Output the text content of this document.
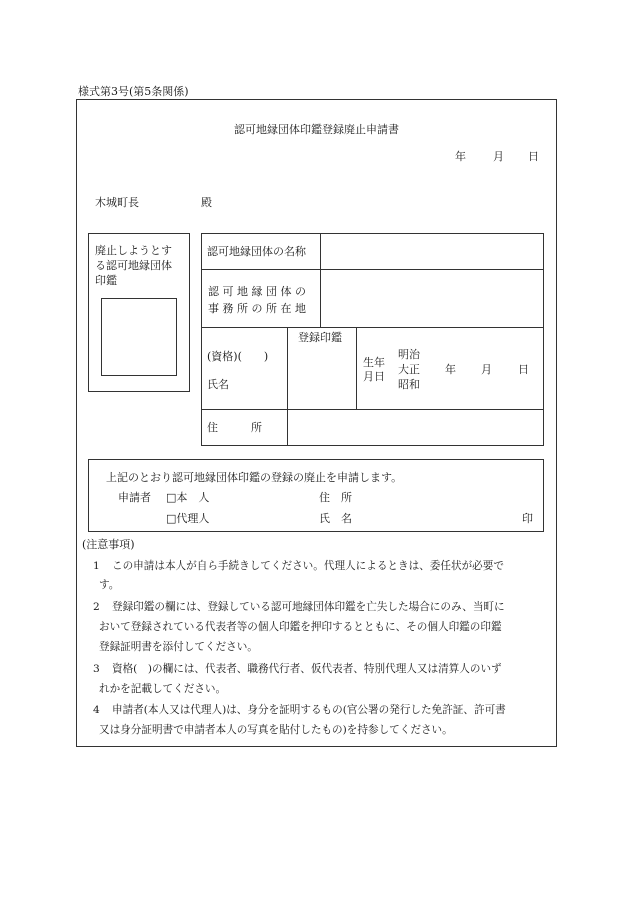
様式第3号(第5条関係)
認可地縁団体印鑑登録廃止申請書
年 月 日
木城町長	殿
廃止しようとす
る認可地縁団体
印鑑
認可地縁団体の名称
認 可 地 縁 団 体 の
事 務 所 の 所 在 地
(資格)(　　)
氏名
登録印鑑
生年
月日
明治
大正
昭和
年 月 日
住　　　所
上記のとおり認可地縁団体印鑑の登録の廃止を申請します。
申請者 □本　人
□代理人
住　所
氏　名	印
(注意事項)
1 この申請は本人が自ら手続きしてください。代理人によるときは、委任状が必要で
す。
2 登録印鑑の欄には、登録している認可地縁団体印鑑を亡失した場合にのみ、当町に
おいて登録されている代表者等の個人印鑑を押印するとともに、その個人印鑑の印鑑
登録証明書を添付してください。
3 資格(　)の欄には、代表者、職務代行者、仮代表者、特別代理人又は清算人のいず
れかを記載してください。
4 申請者(本人又は代理人)は、身分を証明するもの(官公署の発行した免許証、許可書
又は身分証明書で申請者本人の写真を貼付したもの)を持参してください。
